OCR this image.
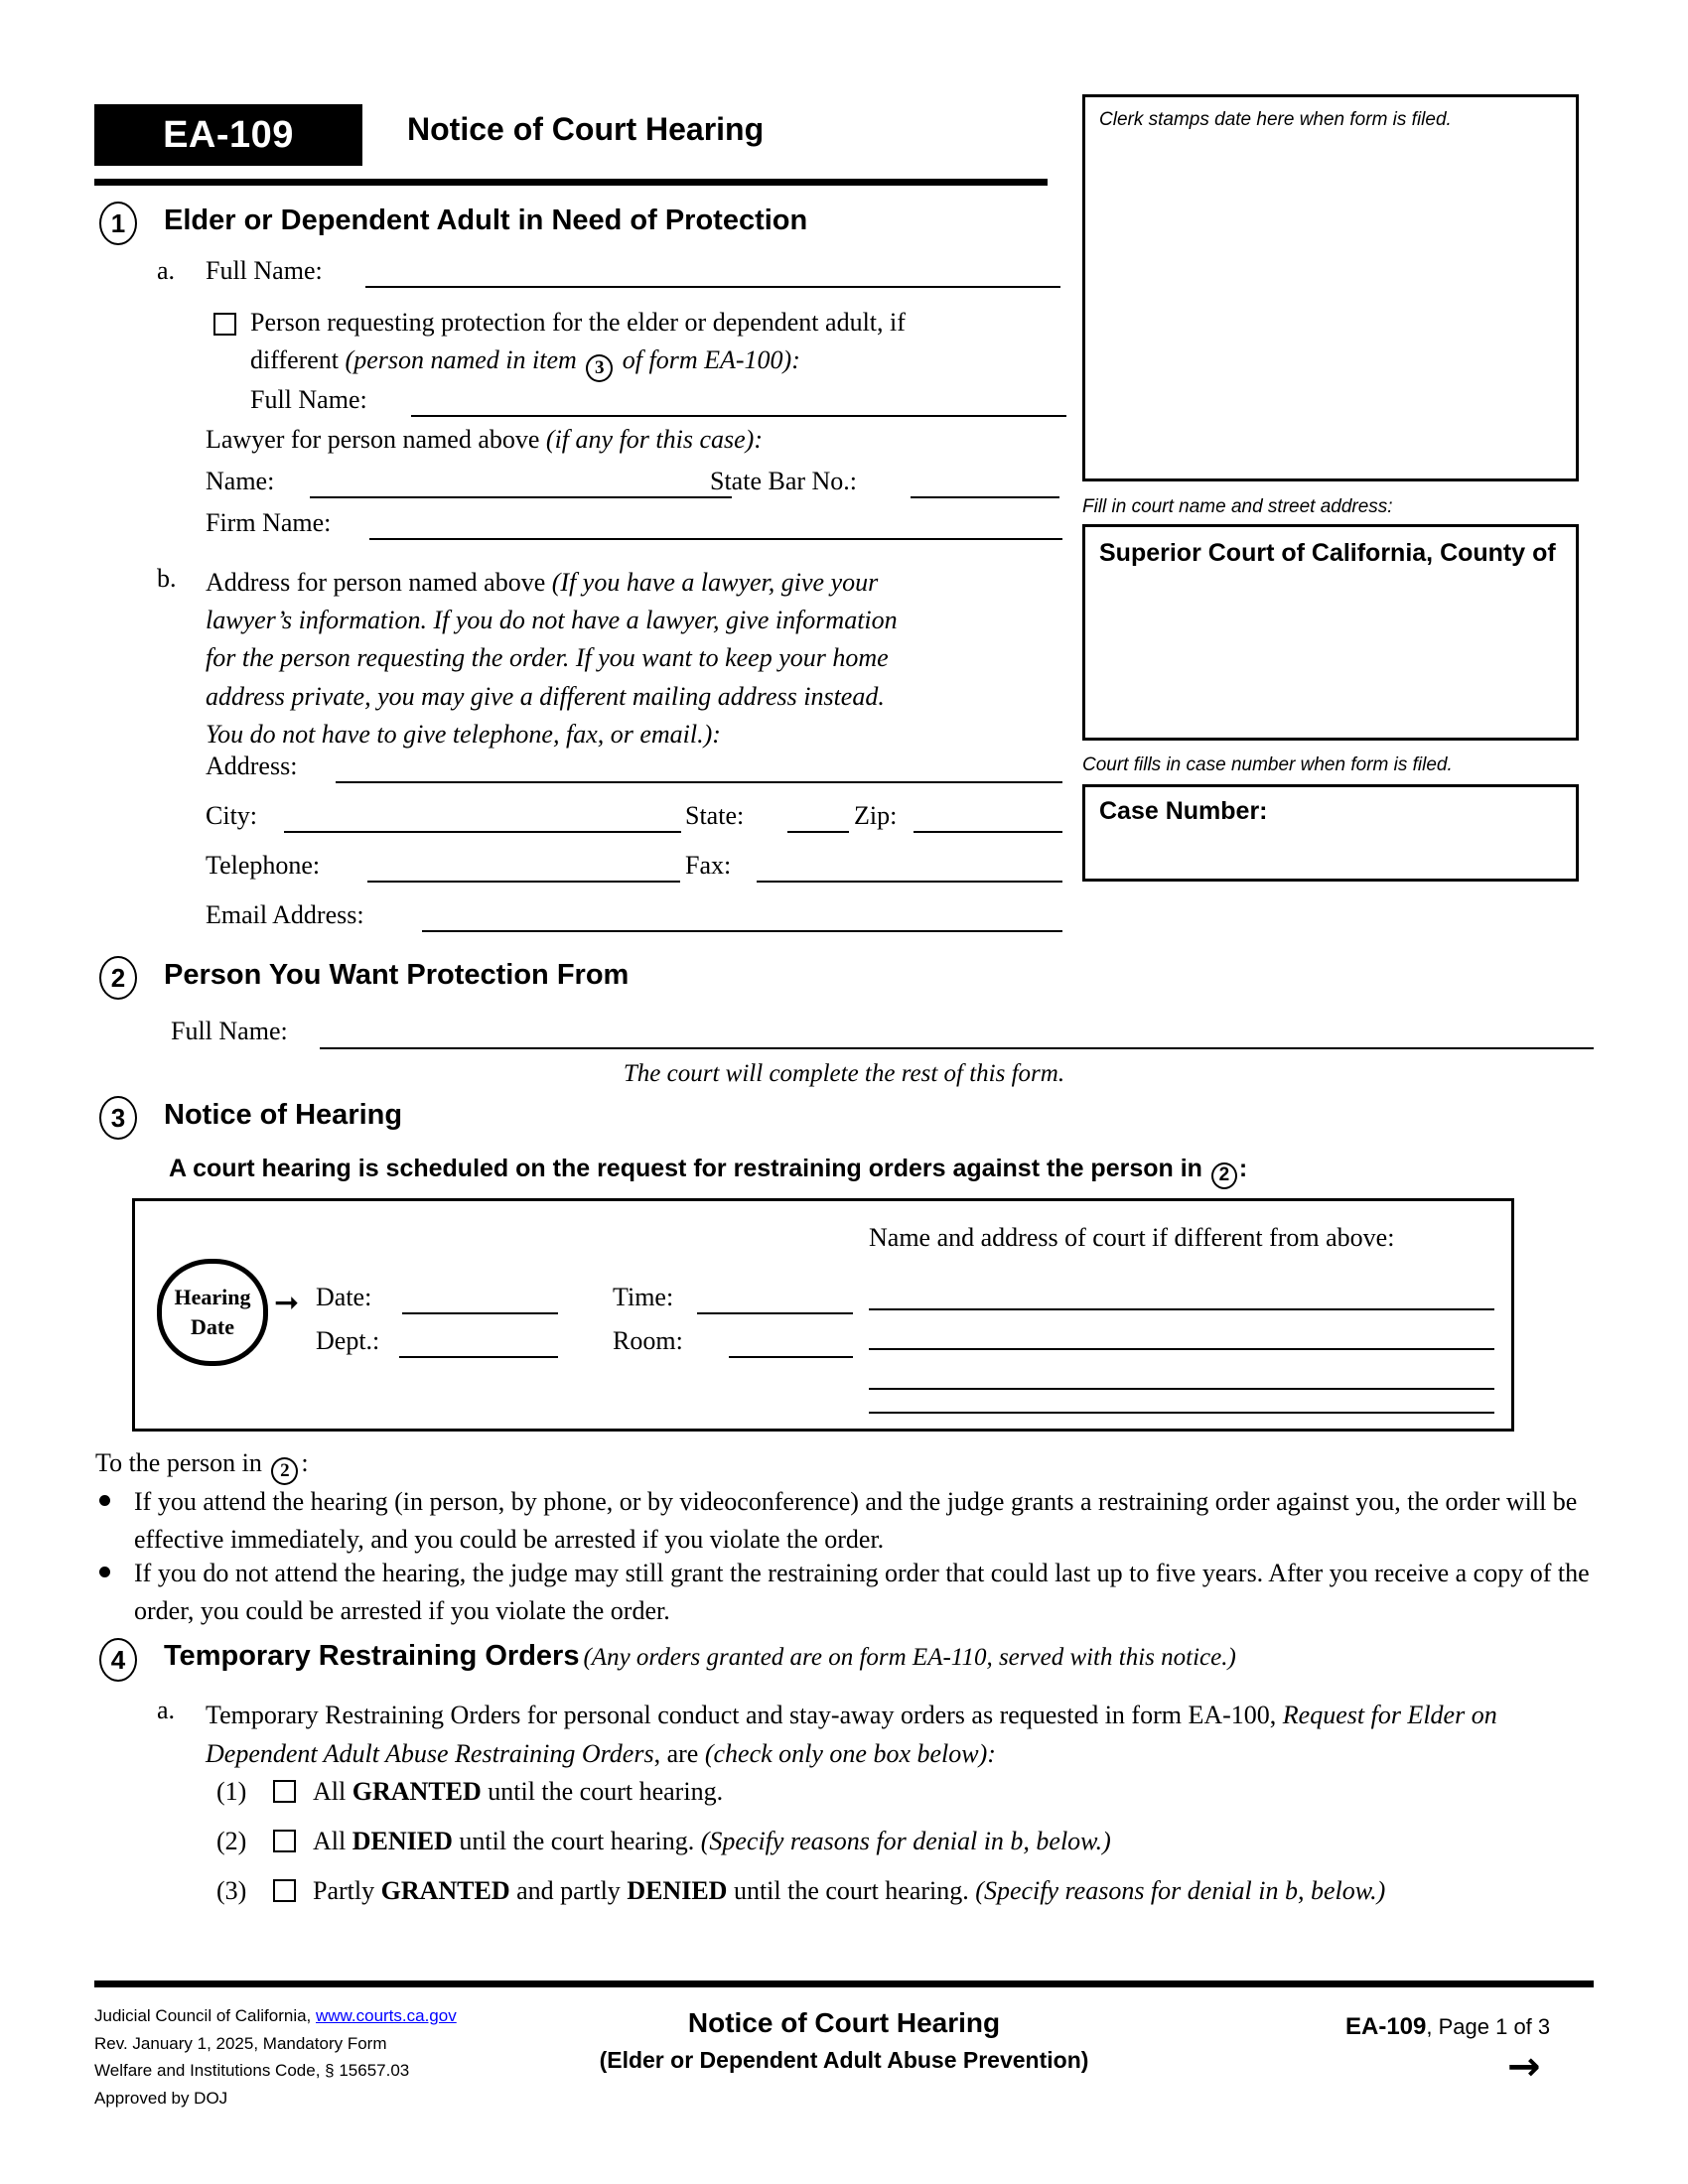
EA-109	Notice of Court Hearing	Clerk stamps date here when form is filed.
Fill in court name and street address:
Superior Court of California, County of
Court fills in case number when form is filed.
Case Number:
1	Elder or Dependent Adult in Need of Protection
a. Full Name:
Person requesting protection for the elder or dependent adult, if
different (person named in item 3 of form EA-100):
Full Name:
Lawyer for person named above (if any for this case):
Name:	State Bar No.:
Firm Name:
b. Address for person named above (If you have a lawyer, give your
lawyer’s information. If you do not have a lawyer, give information
for the person requesting the order. If you want to keep your home
address private, you may give a different mailing address instead.
You do not have to give telephone, fax, or email.):
Address:
City:	State:	Zip:
Telephone:	Fax:
Email Address:
2	Person You Want Protection From
Full Name:
The court will complete the rest of this form.
3	Notice of Hearing
A court hearing is scheduled on the request for restraining orders against the person in 2 :
Hearing
Date
➞ Date:	Time:
Dept.:	Room:
Name and address of court if different from above:
To the person in 2 :
If you attend the hearing (in person, by phone, or by videoconference) and the judge grants a restraining order against you, the order will be effective immediately, and you could be arrested if you violate the order.
If you do not attend the hearing, the judge may still grant the restraining order that could last up to five years. After you receive a copy of the order, you could be arrested if you violate the order.
4	Temporary Restraining Orders (Any orders granted are on form EA-110, served with this notice.)
a. Temporary Restraining Orders for personal conduct and stay-away orders as requested in form EA-100, Request for Elder on Dependent Adult Abuse Restraining Orders, are (check only one box below):
(1)	All GRANTED until the court hearing.
(2)	All DENIED until the court hearing. (Specify reasons for denial in b, below.)
(3)	Partly GRANTED and partly DENIED until the court hearing. (Specify reasons for denial in b, below.)
Judicial Council of California, www.courts.ca.gov
Rev. January 1, 2025, Mandatory Form
Welfare and Institutions Code, § 15657.03
Approved by DOJ
Notice of Court Hearing
(Elder or Dependent Adult Abuse Prevention)
EA-109, Page 1 of 3
→
